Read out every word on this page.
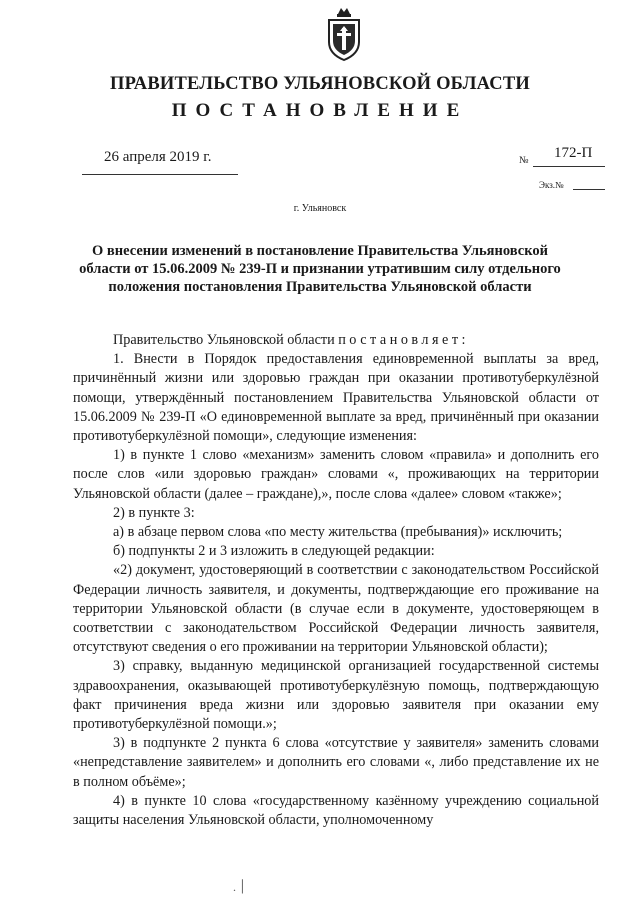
ПРАВИТЕЛЬСТВО УЛЬЯНОВСКОЙ ОБЛАСТИ
ПОСТАНОВЛЕНИЕ
26 апреля 2019 г.	№ 172-П
Экз.№
г. Ульяновск
О внесении изменений в постановление Правительства Ульяновской
области от 15.06.2009 № 239-П и признании утратившим силу отдельного
положения постановления Правительства Ульяновской области

Правительство Ульяновской области постановляет:

1. Внести в Порядок предоставления единовременной выплаты за вред, причинённый жизни или здоровью граждан при оказании противотуберкулёзной помощи, утверждённый постановлением Правительства Ульяновской области от 15.06.2009 № 239-П «О единовременной выплате за вред, причинённый при оказании противотуберкулёзной помощи», следующие изменения:

1) в пункте 1 слово «механизм» заменить словом «правила» и дополнить его после слов «или здоровью граждан» словами «, проживающих на территории Ульяновской области (далее – граждане),», после слова «далее» словом «также»;

2) в пункте 3:

а) в абзаце первом слова «по месту жительства (пребывания)» исключить;

б) подпункты 2 и 3 изложить в следующей редакции:

«2) документ, удостоверяющий в соответствии с законодательством Российской Федерации личность заявителя, и документы, подтверждающие его проживание на территории Ульяновской области (в случае если в документе, удостоверяющем в соответствии с законодательством Российской Федерации личность заявителя, отсутствуют сведения о его проживании на территории Ульяновской области);

3) справку, выданную медицинской организацией государственной системы здравоохранения, оказывающей противотуберкулёзную помощь, подтверждающую факт причинения вреда жизни или здоровью заявителя при оказании ему противотуберкулёзной помощи.»;

3) в подпункте 2 пункта 6 слова «отсутствие у заявителя» заменить словами «непредставление заявителем» и дополнить его словами «, либо представление их не в полном объёме»;

4) в пункте 10 слова «государственному казённому учреждению социальной защиты населения Ульяновской области, уполномоченному

. ׀
